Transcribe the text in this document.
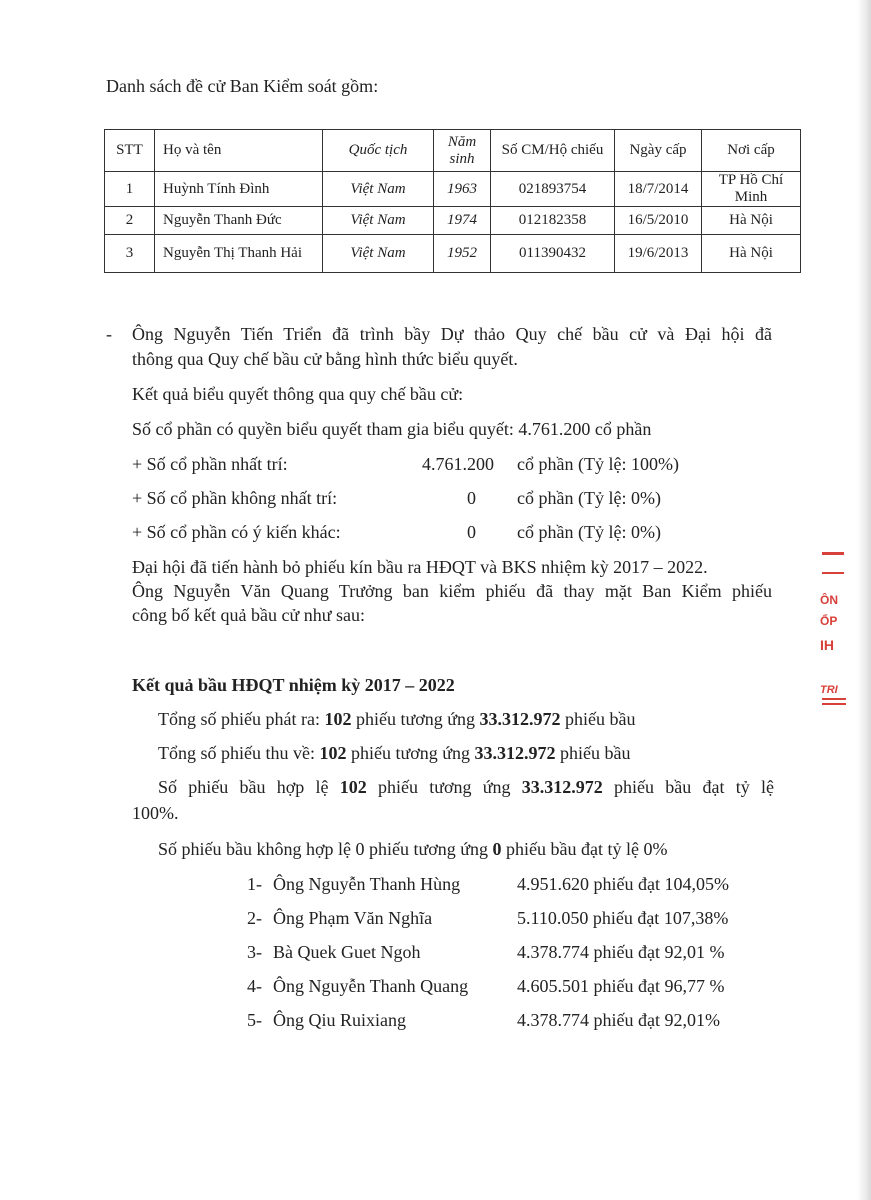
Danh sách đề cử Ban Kiểm soát gồm:
STT	Họ và tên	Quốc tịch	Năm sinh	Số CM/Hộ chiếu	Ngày cấp	Nơi cấp
1	Huỳnh Tính Đình	Việt Nam	1963	021893754	18/7/2014	TP Hồ Chí Minh
2	Nguyễn Thanh Đức	Việt Nam	1974	012182358	16/5/2010	Hà Nội
3	Nguyễn Thị Thanh Hải	Việt Nam	1952	011390432	19/6/2013	Hà Nội
- Ông Nguyễn Tiến Triển đã trình bầy Dự thảo Quy chế bầu cử và Đại hội đã
thông qua Quy chế bầu cử bằng hình thức biểu quyết.
Kết quả biểu quyết thông qua quy chế bầu cử:
Số cổ phần có quyền biểu quyết tham gia biểu quyết: 4.761.200 cổ phần
+ Số cổ phần nhất trí:	4.761.200 cổ phần (Tỷ lệ: 100%)
+ Số cổ phần không nhất trí:	0 cổ phần (Tỷ lệ: 0%)
+ Số cổ phần có ý kiến khác:	0 cổ phần (Tỷ lệ: 0%)
Đại hội đã tiến hành bỏ phiếu kín bầu ra HĐQT và BKS nhiệm kỳ 2017 – 2022.
Ông Nguyễn Văn Quang Trưởng ban kiểm phiếu đã thay mặt Ban Kiểm phiếu
công bố kết quả bầu cử như sau:
Kết quả bầu HĐQT nhiệm kỳ 2017 – 2022
Tổng số phiếu phát ra: 102 phiếu tương ứng 33.312.972 phiếu bầu
Tổng số phiếu thu về: 102 phiếu tương ứng 33.312.972 phiếu bầu
Số phiếu bầu hợp lệ 102 phiếu tương ứng 33.312.972 phiếu bầu đạt tỷ lệ
100%.
Số phiếu bầu không hợp lệ 0 phiếu tương ứng 0 phiếu bầu đạt tỷ lệ 0%
1- Ông Nguyễn Thanh Hùng	4.951.620 phiếu đạt 104,05%
2- Ông Phạm Văn Nghĩa	5.110.050 phiếu đạt 107,38%
3- Bà Quek Guet Ngoh	4.378.774 phiếu đạt 92,01 %
4- Ông Nguyễn Thanh Quang	4.605.501 phiếu đạt 96,77 %
5- Ông Qiu Ruixiang	4.378.774 phiếu đạt 92,01%
ÔN
ỔP
IH
TRI
